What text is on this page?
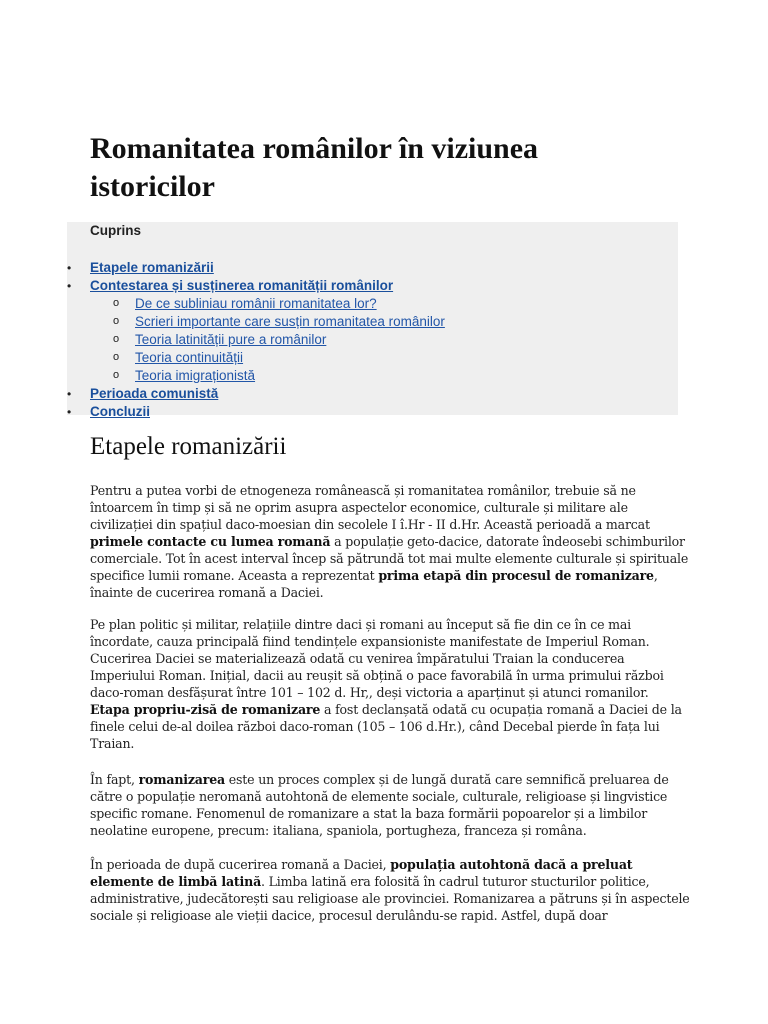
Romanitatea românilor în viziunea istoricilor
Cuprins
• Etapele romanizării
• Contestarea și susținerea romanității românilor
o De ce subliniau românii romanitatea lor?
o Scrieri importante care susțin romanitatea românilor
o Teoria latinității pure a românilor
o Teoria continuității
o Teoria imigraționistă
• Perioada comunistă
• Concluzii
Etapele romanizării

Pentru a putea vorbi de etnogeneza românească și romanitatea românilor, trebuie să ne întoarcem în timp și să ne oprim asupra aspectelor economice, culturale și militare ale civilizației din spațiul daco-moesian din secolele I î.Hr - II d.Hr. Această perioadă a marcat primele contacte cu lumea romană a populație geto-dacice, datorate îndeosebi schimburilor comerciale. Tot în acest interval încep să pătrundă tot mai multe elemente culturale și spirituale specifice lumii romane. Aceasta a reprezentat prima etapă din procesul de romanizare, înainte de cucerirea romană a Daciei.

Pe plan politic și militar, relațiile dintre daci și romani au început să fie din ce în ce mai încordate, cauza principală fiind tendințele expansioniste manifestate de Imperiul Roman. Cucerirea Daciei se materializează odată cu venirea împăratului Traian la conducerea Imperiului Roman. Inițial, dacii au reușit să obțină o pace favorabilă în urma primului război daco-roman desfășurat între 101 – 102 d. Hr,, deși victoria a aparținut și atunci romanilor. Etapa propriu-zisă de romanizare a fost declanșată odată cu ocupația romană a Daciei de la finele celui de-al doilea război daco-roman (105 – 106 d.Hr.), când Decebal pierde în fața lui Traian.

În fapt, romanizarea este un proces complex și de lungă durată care semnifică preluarea de către o populație neromană autohtonă de elemente sociale, culturale, religioase și lingvistice specific romane. Fenomenul de romanizare a stat la baza formării popoarelor și a limbilor neolatine europene, precum: italiana, spaniola, portugheza, franceza și româna.

În perioada de după cucerirea romană a Daciei, populația autohtonă dacă a preluat elemente de limbă latină. Limba latină era folosită în cadrul tuturor stucturilor politice, administrative, judecătorești sau religioase ale provinciei. Romanizarea a pătruns și în aspectele sociale și religioase ale vieții dacice, procesul derulându-se rapid. Astfel, după doar
